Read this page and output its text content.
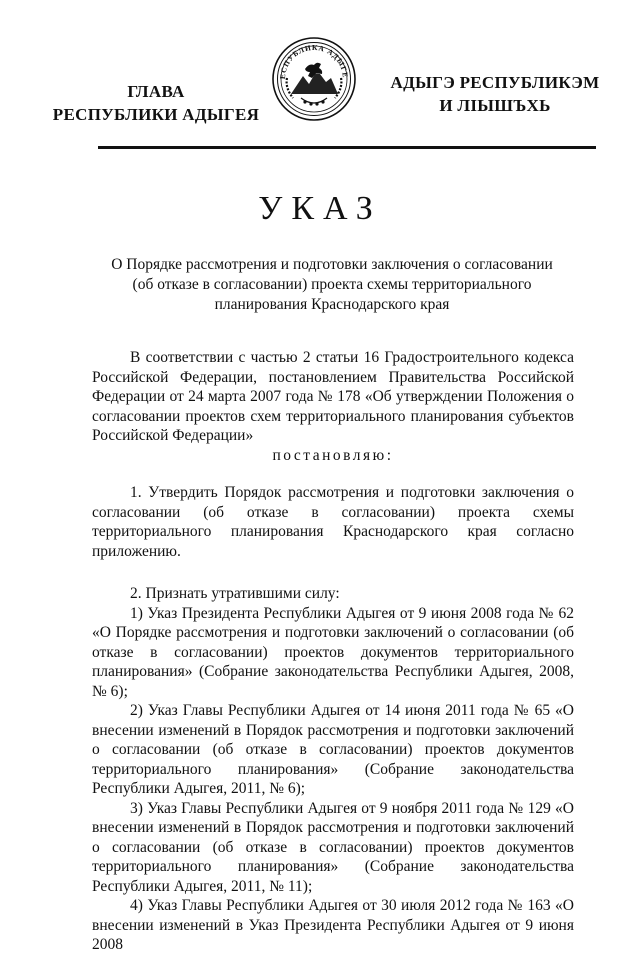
ГЛАВА
РЕСПУБЛИКИ АДЫГЕЯ
ЕСПУБЛИКА АДЫГЕ	АДЫГЭ РЕСПУБЛИКЭМ
И ЛІЫШЪХЬ
УКАЗ
О Порядке рассмотрения и подготовки заключения о согласовании (об отказе в согласовании) проекта схемы территориального планирования Краснодарского края

В соответствии с частью 2 статьи 16 Градостроительного кодекса Российской Федерации, постановлением Правительства Российской Федерации от 24 марта 2007 года № 178 «Об утверждении Положения о согласовании проектов схем территориального планирования субъектов Российской Федерации»

постановляю:

1. Утвердить Порядок рассмотрения и подготовки заключения о согласовании (об отказе в согласовании) проекта схемы территориального планирования Краснодарского края согласно приложению.

2. Признать утратившими силу:

1) Указ Президента Республики Адыгея от 9 июня 2008 года № 62 «О Порядке рассмотрения и подготовки заключений о согласовании (об отказе в согласовании) проектов документов территориального планирования» (Собрание законодательства Республики Адыгея, 2008, № 6);

2) Указ Главы Республики Адыгея от 14 июня 2011 года № 65 «О внесении изменений в Порядок рассмотрения и подготовки заключений о согласовании (об отказе в согласовании) проектов документов территориального планирования» (Собрание законодательства Республики Адыгея, 2011, № 6);

3) Указ Главы Республики Адыгея от 9 ноября 2011 года № 129 «О внесении изменений в Порядок рассмотрения и подготовки заключений о согласовании (об отказе в согласовании) проектов документов территориального планирования» (Собрание законодательства Республики Адыгея, 2011, № 11);

4) Указ Главы Республики Адыгея от 30 июля 2012 года № 163 «О внесении изменений в Указ Президента Республики Адыгея от 9 июня 2008
